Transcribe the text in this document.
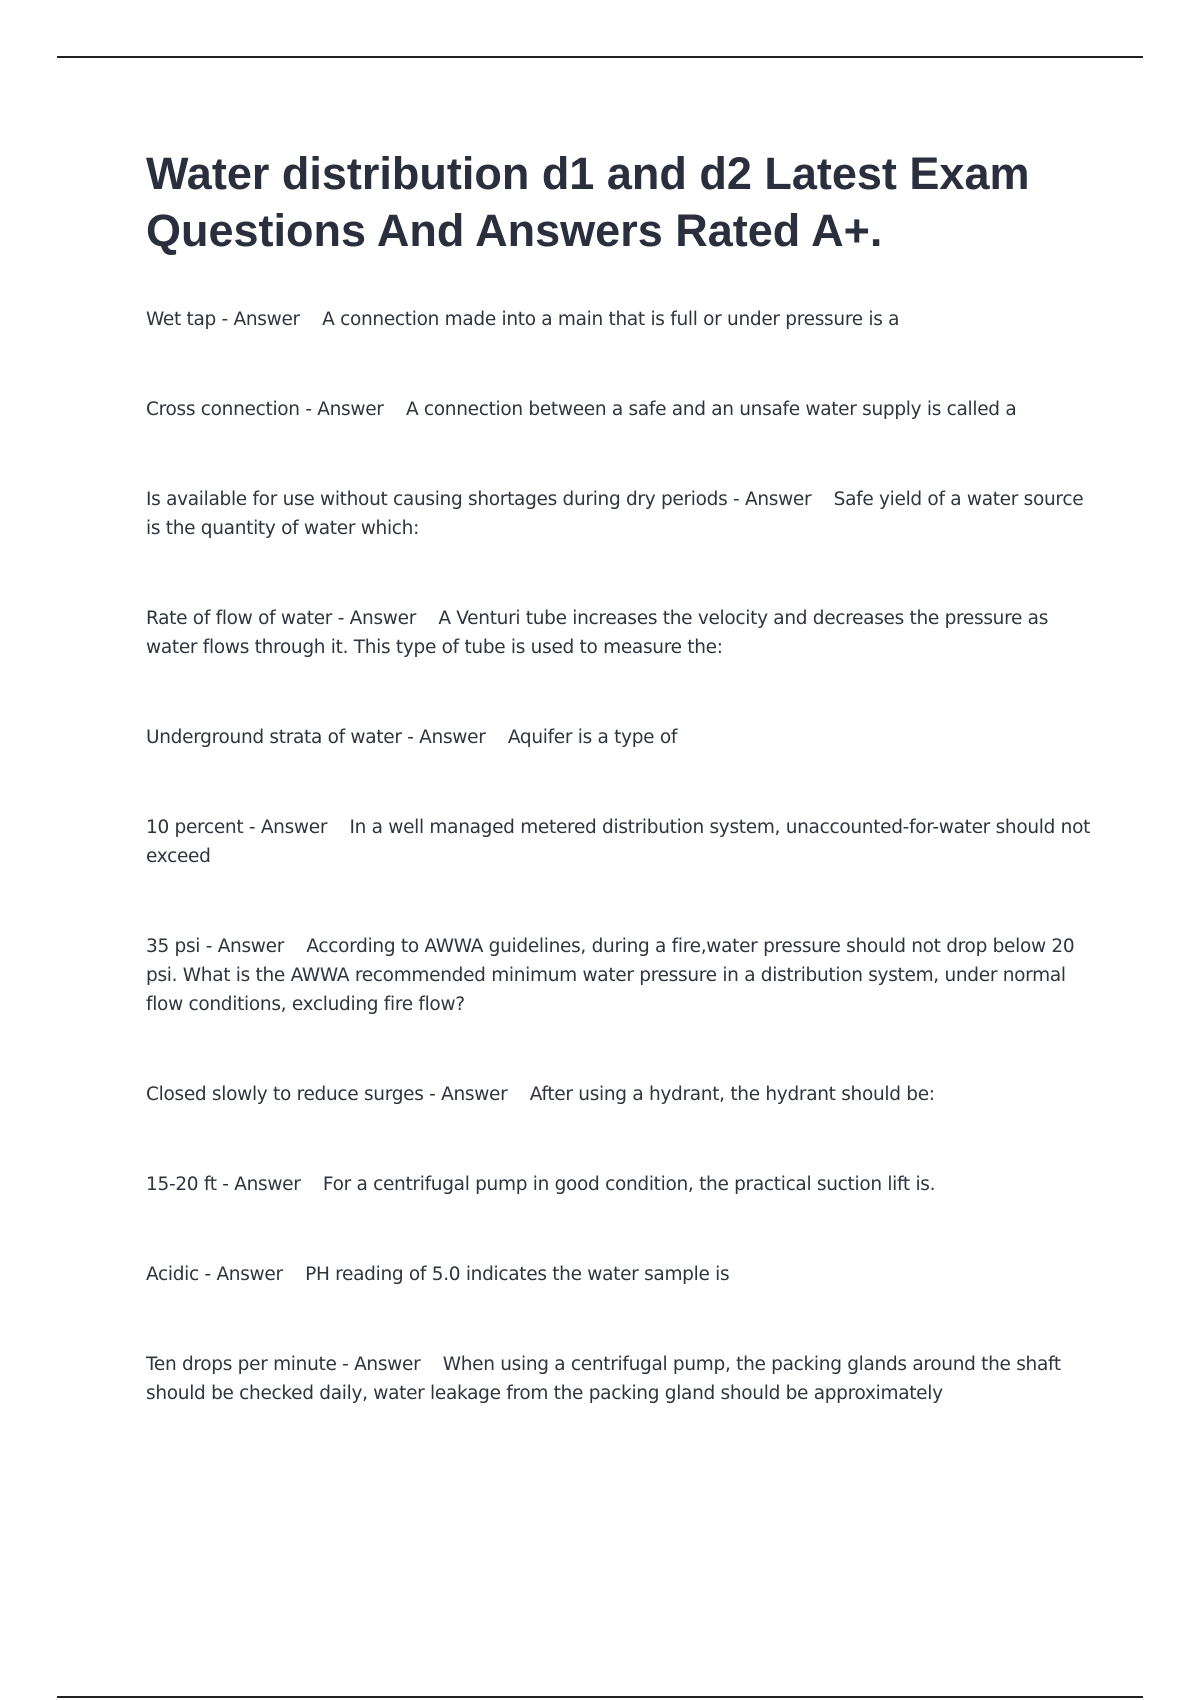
Water distribution d1 and d2 Latest Exam Questions And Answers Rated A+.
Wet tap - Answer    A connection made into a main that is full or under pressure is a
Cross connection - Answer    A connection between a safe and an unsafe water supply is called a
Is available for use without causing shortages during dry periods - Answer    Safe yield of a water source is the quantity of water which:
Rate of flow of water - Answer    A Venturi tube increases the velocity and decreases the pressure as water flows through it. This type of tube is used to measure the:
Underground strata of water - Answer    Aquifer is a type of
10 percent - Answer    In a well managed metered distribution system, unaccounted-for-water should not exceed
35 psi - Answer    According to AWWA guidelines, during a fire,water pressure should not drop below 20 psi. What is the AWWA recommended minimum water pressure in a distribution system, under normal flow conditions, excluding fire flow?
Closed slowly to reduce surges - Answer    After using a hydrant, the hydrant should be:
15-20 ft - Answer    For a centrifugal pump in good condition, the practical suction lift is.
Acidic - Answer    PH reading of 5.0 indicates the water sample is
Ten drops per minute - Answer    When using a centrifugal pump, the packing glands around the shaft should be checked daily, water leakage from the packing gland should be approximately
